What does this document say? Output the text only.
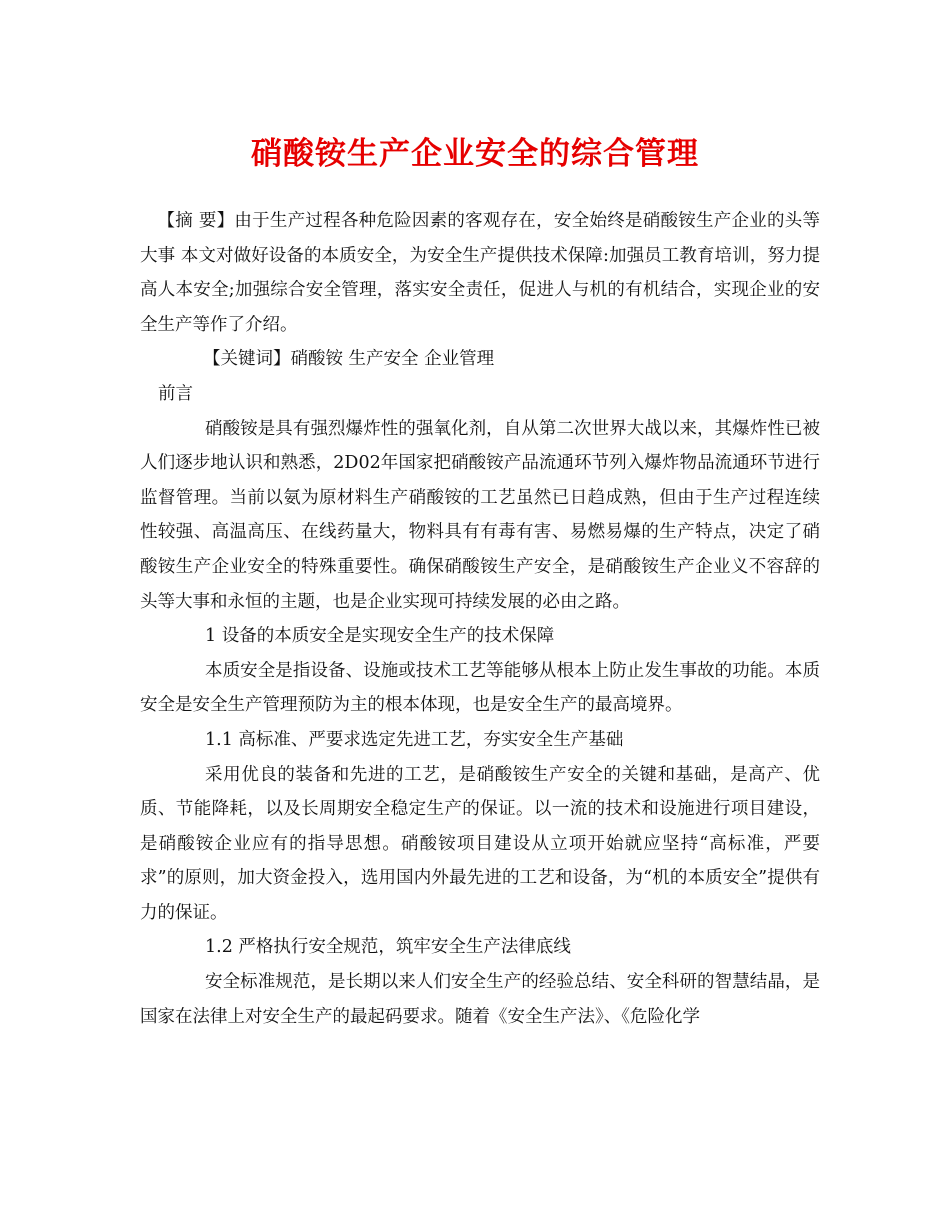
硝酸铵生产企业安全的综合管理

【摘 要】由于生产过程各种危险因素的客观存在，安全始终是硝酸铵生产企业的头等大事 本文对做好设备的本质安全，为安全生产提供技术保障:加强员工教育培训，努力提高人本安全;加强综合安全管理，落实安全责任，促进人与机的有机结合，实现企业的安全生产等作了介绍。

【关键词】硝酸铵 生产安全 企业管理

前言

硝酸铵是具有强烈爆炸性的强氧化剂，自从第二次世界大战以来，其爆炸性已被人们逐步地认识和熟悉，2D02年国家把硝酸铵产品流通环节列入爆炸物品流通环节进行监督管理。当前以氨为原材料生产硝酸铵的工艺虽然已日趋成熟，但由于生产过程连续性较强、高温高压、在线药量大，物料具有有毒有害、易燃易爆的生产特点，决定了硝酸铵生产企业安全的特殊重要性。确保硝酸铵生产安全，是硝酸铵生产企业义不容辞的头等大事和永恒的主题，也是企业实现可持续发展的必由之路。

1 设备的本质安全是实现安全生产的技术保障

本质安全是指设备、设施或技术工艺等能够从根本上防止发生事故的功能。本质安全是安全生产管理预防为主的根本体现，也是安全生产的最高境界。

1.1 高标准、严要求选定先进工艺，夯实安全生产基础

采用优良的装备和先进的工艺，是硝酸铵生产安全的关键和基础，是高产、优质、节能降耗，以及长周期安全稳定生产的保证。以一流的技术和设施进行项目建设，是硝酸铵企业应有的指导思想。硝酸铵项目建设从立项开始就应坚持“高标准，严要求”的原则，加大资金投入，选用国内外最先进的工艺和设备，为“机的本质安全”提供有力的保证。

1.2 严格执行安全规范，筑牢安全生产法律底线

安全标准规范，是长期以来人们安全生产的经验总结、安全科研的智慧结晶，是国家在法律上对安全生产的最起码要求。随着《安全生产法》、《危险化学
